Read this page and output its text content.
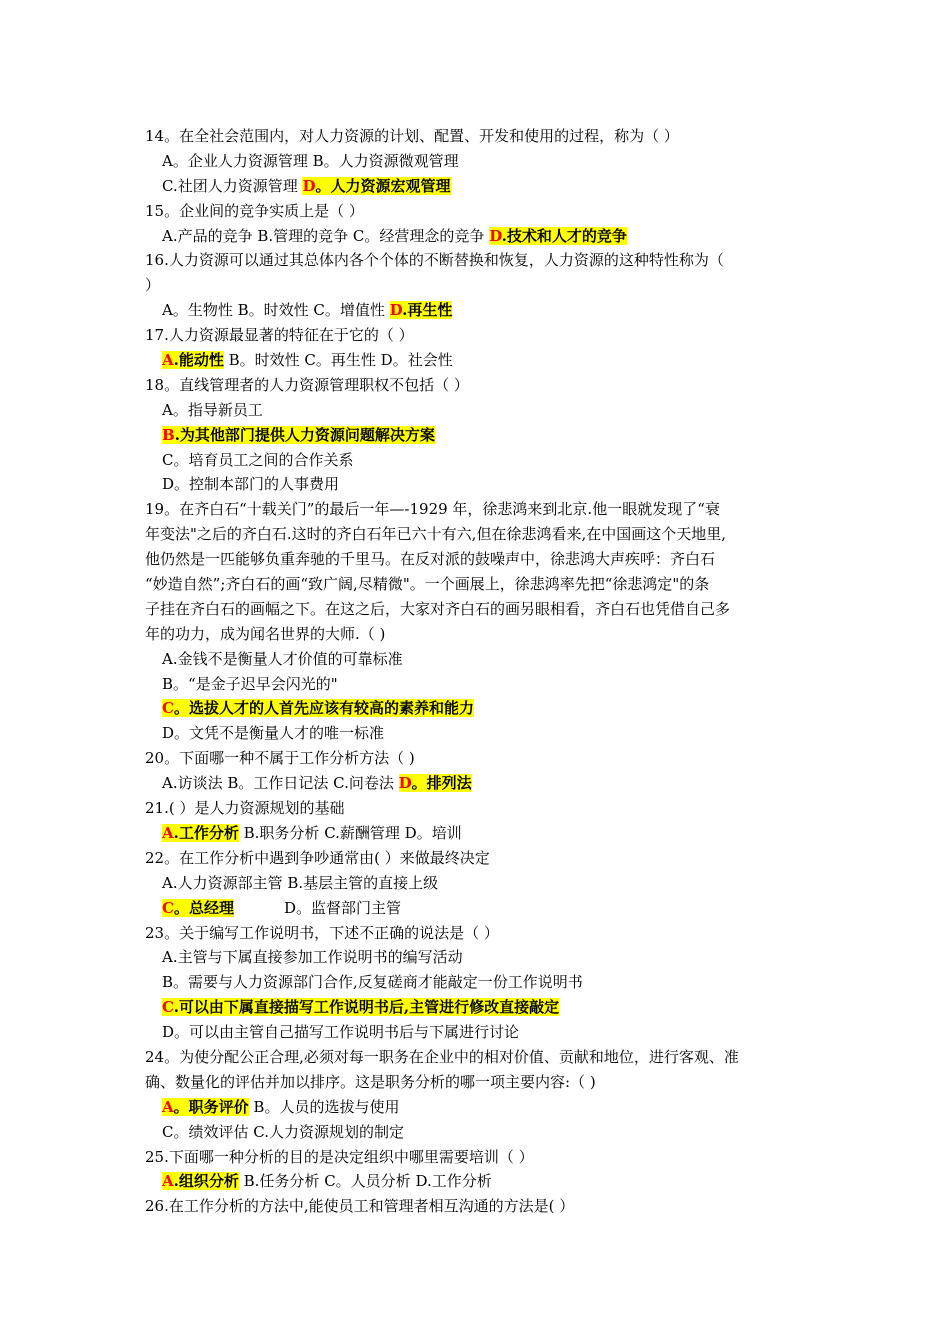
14。在全社会范围内，对人力资源的计划、配置、开发和使用的过程，称为（ ）
A。企业人力资源管理 B。人力资源微观管理
C.社团人力资源管理 D。人力资源宏观管理
15。企业间的竞争实质上是（ ）
A.产品的竞争 B.管理的竞争 C。经营理念的竞争 D.技术和人才的竞争
16.人力资源可以通过其总体内各个个体的不断替换和恢复，人力资源的这种特性称为（
）
A。生物性 B。时效性 C。增值性 D.再生性
17.人力资源最显著的特征在于它的（ ）
A.能动性 B。时效性 C。再生性 D。社会性
18。直线管理者的人力资源管理职权不包括（ ）
A。指导新员工
B.为其他部门提供人力资源问题解决方案
C。培育员工之间的合作关系
D。控制本部门的人事费用
19。在齐白石“十载关门”的最后一年—-1929 年，徐悲鸿来到北京.他一眼就发现了“衰
年变法"之后的齐白石.这时的齐白石年已六十有六,但在徐悲鸿看来,在中国画这个天地里,
他仍然是一匹能够负重奔驰的千里马。在反对派的鼓噪声中，徐悲鸿大声疾呼：齐白石
“妙造自然”;齐白石的画“致广阔,尽精微"。一个画展上，徐悲鸿率先把“徐悲鸿定"的条
子挂在齐白石的画幅之下。在这之后，大家对齐白石的画另眼相看，齐白石也凭借自己多
年的功力，成为闻名世界的大师.（ )
A.金钱不是衡量人才价值的可靠标准
B。“是金子迟早会闪光的"
C。选拔人才的人首先应该有较高的素养和能力
D。文凭不是衡量人才的唯一标准
20。下面哪一种不属于工作分析方法（ )
A.访谈法 B。工作日记法 C.问卷法 D。排列法
21.( ）是人力资源规划的基础
A.工作分析 B.职务分析 C.薪酬管理 D。培训
22。在工作分析中遇到争吵通常由( ）来做最终决定
A.人力资源部主管 B.基层主管的直接上级
C。总经理	D。监督部门主管
23。关于编写工作说明书，下述不正确的说法是（ ）
A.主管与下属直接参加工作说明书的编写活动
B。需要与人力资源部门合作,反复磋商才能敲定一份工作说明书
C.可以由下属直接描写工作说明书后,主管进行修改直接敲定
D。可以由主管自己描写工作说明书后与下属进行讨论
24。为使分配公正合理,必须对每一职务在企业中的相对价值、贡献和地位，进行客观、准
确、数量化的评估并加以排序。这是职务分析的哪一项主要内容:（ )
A。职务评价 B。人员的选拔与使用
C。绩效评估 C.人力资源规划的制定
25.下面哪一种分析的目的是决定组织中哪里需要培训（ ）
A.组织分析 B.任务分析 C。人员分析 D.工作分析
26.在工作分析的方法中,能使员工和管理者相互沟通的方法是( ）
